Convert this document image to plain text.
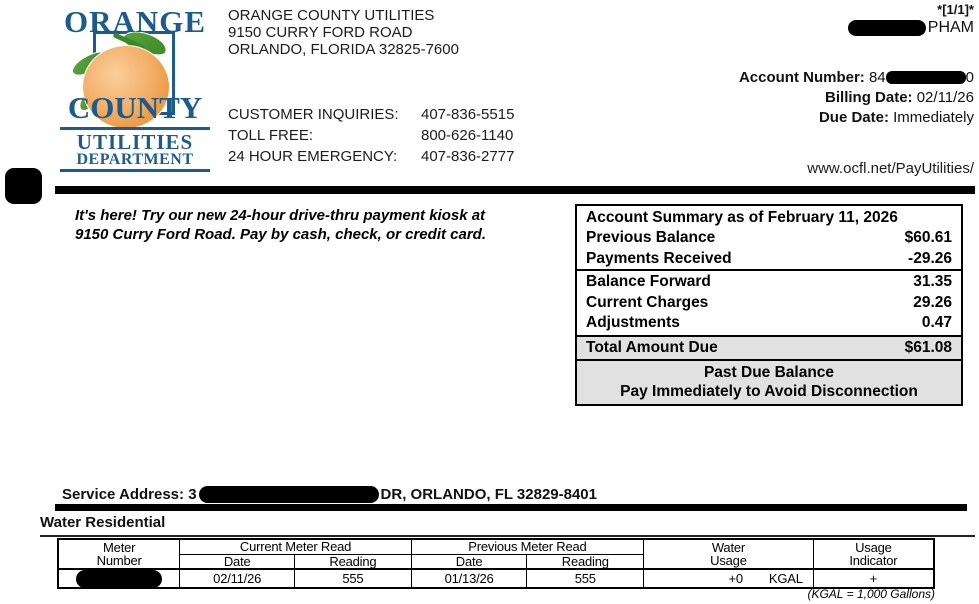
ORANGE
COUNTY
UTILITIES
DEPARTMENT
ORANGE COUNTY UTILITIES
9150 CURRY FORD ROAD
ORLANDO, FLORIDA 32825-7600
CUSTOMER INQUIRIES:	407-836-5515
TOLL FREE:	800-626-1140
24 HOUR EMERGENCY:	407-836-2777
*[1/1]*
PHAM
Account Number: 84	0
Billing Date: 02/11/26
Due Date: Immediately
www.ocfl.net/PayUtilities/
It's here! Try our new 24-hour drive-thru payment kiosk at
9150 Curry Ford Road. Pay by cash, check, or credit card.
Account Summary as of February 11, 2026
Previous Balance	$60.61
Payments Received	-29.26
Balance Forward	31.35
Current Charges	29.26
Adjustments	0.47
Total Amount Due	$61.08
Past Due Balance
Pay Immediately to Avoid Disconnection
Service Address: 3	DR, ORLANDO, FL 32829-8401
Water Residential
Meter Number	Current Meter Read		Previous Meter Read		Water Usage	Usage Indicator
	Date	Reading	Date	Reading		
	02/11/26	555	01/13/26	555	+0 KGAL	+
(KGAL = 1,000 Gallons)
